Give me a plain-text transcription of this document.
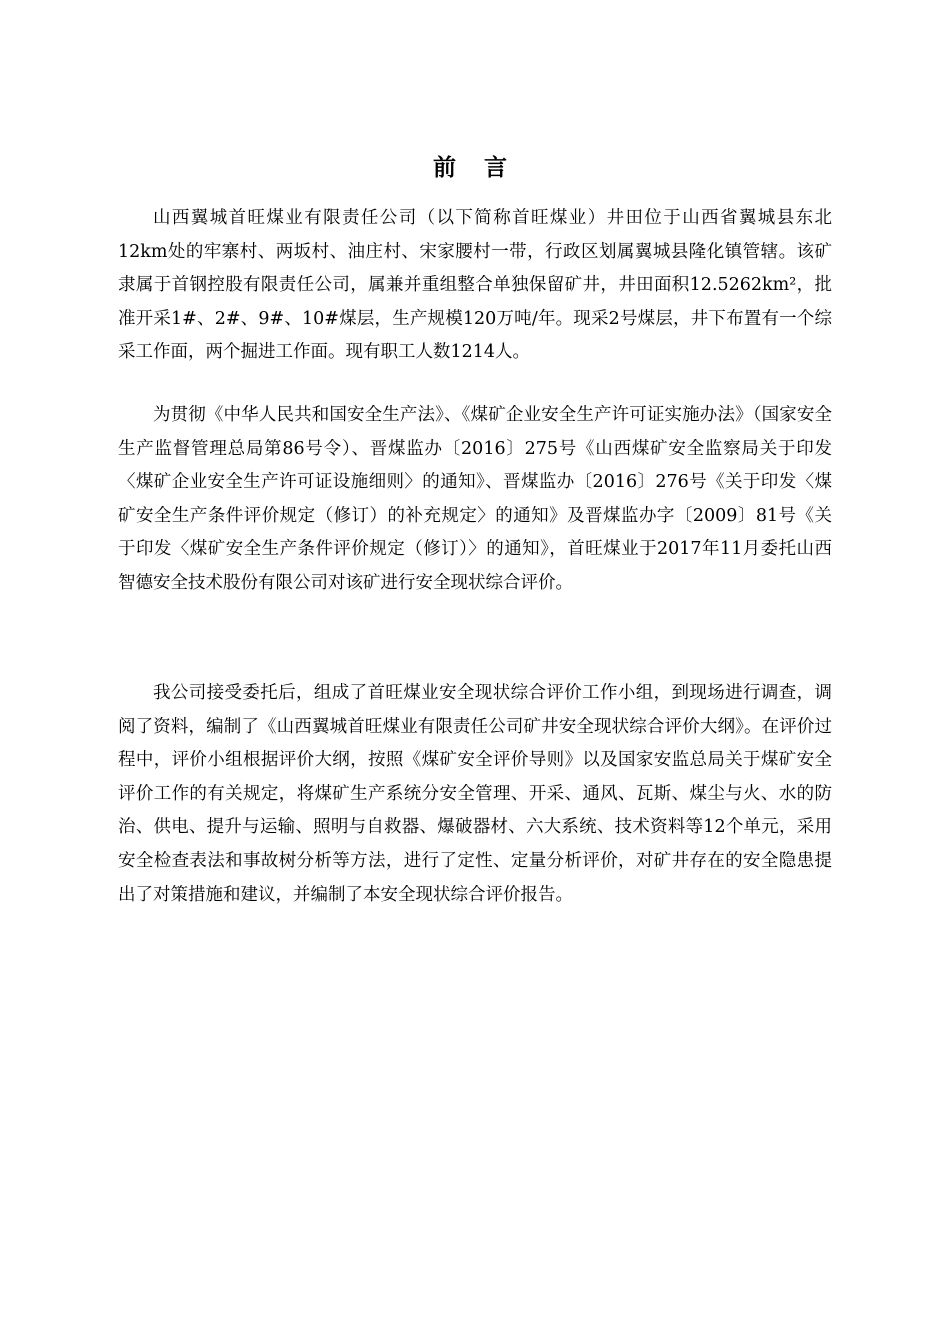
前 言

山西翼城首旺煤业有限责任公司（以下简称首旺煤业）井田位于山西省翼城县东北12km处的牢寨村、两坂村、油庄村、宋家腰村一带，行政区划属翼城县隆化镇管辖。该矿隶属于首钢控股有限责任公司，属兼并重组整合单独保留矿井，井田面积12.5262km²，批准开采1#、2#、9#、10#煤层，生产规模120万吨/年。现采2号煤层，井下布置有一个综采工作面，两个掘进工作面。现有职工人数1214人。

为贯彻《中华人民共和国安全生产法》、《煤矿企业安全生产许可证实施办法》（国家安全生产监督管理总局第86号令）、晋煤监办〔2016〕275号《山西煤矿安全监察局关于印发〈煤矿企业安全生产许可证设施细则〉的通知》、晋煤监办〔2016〕276号《关于印发〈煤矿安全生产条件评价规定（修订）的补充规定〉的通知》及晋煤监办字〔2009〕81号《关于印发〈煤矿安全生产条件评价规定（修订）〉的通知》，首旺煤业于2017年11月委托山西智德安全技术股份有限公司对该矿进行安全现状综合评价。

我公司接受委托后，组成了首旺煤业安全现状综合评价工作小组，到现场进行调查，调阅了资料，编制了《山西翼城首旺煤业有限责任公司矿井安全现状综合评价大纲》。在评价过程中，评价小组根据评价大纲，按照《煤矿安全评价导则》以及国家安监总局关于煤矿安全评价工作的有关规定，将煤矿生产系统分安全管理、开采、通风、瓦斯、煤尘与火、水的防治、供电、提升与运输、照明与自救器、爆破器材、六大系统、技术资料等12个单元，采用安全检查表法和事故树分析等方法，进行了定性、定量分析评价，对矿井存在的安全隐患提出了对策措施和建议，并编制了本安全现状综合评价报告。
